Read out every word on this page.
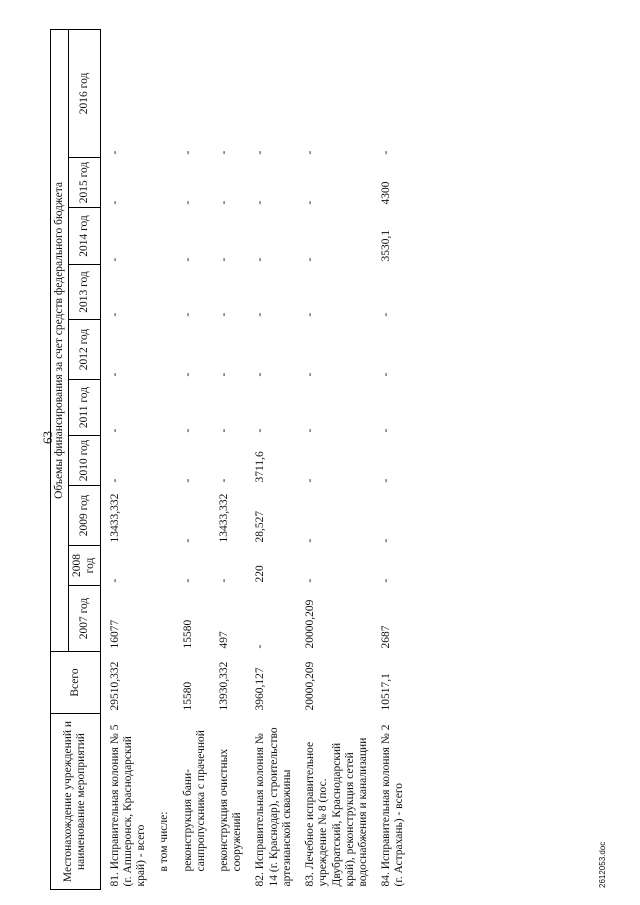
63
Местонахождение учреждений и наименование мероприятий	Всего	Объемы финансирования за счет средств федерального бюджета									
		2007 год	2008 год	2009 год	2010 год	2011 год	2012 год	2013 год	2014 год	2015 год	2016 год
81. Исправительная колония № 5 (г. Апшеронск, Краснодарский край) - всего	29510,332	16077	-	13433,332	-	-	-	-	-	-	-
в том числе:											
реконструкция бани-санпропускника с прачечной	15580	15580	-	-	-	-	-	-	-	-	-
реконструкция очистных сооружений	13930,332	497	-	13433,332	-	-	-	-	-	-	-
82. Исправительная колония № 14 (г. Краснодар), строительство артезианской скважины	3960,127	-	220	28,527	3711,6	-	-	-	-	-	-
83. Лечебное исправительное учреждение № 8 (пос. Двубратский, Краснодарский край), реконструкция сетей водоснабжения и канализации	20000,209	20000,209	-	-	-	-	-	-	-	-	-
84. Исправительная колония № 2 (г. Астрахань) - всего	10517,1	2687	-	-	-	-	-	-	3530,1	4300	-
2612053.doc
